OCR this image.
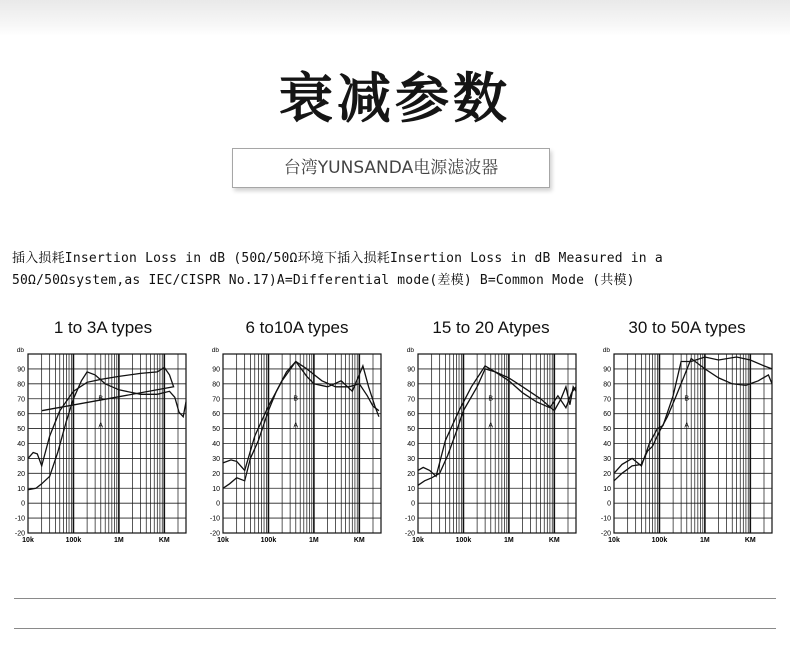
衰减参数
台湾YUNSANDA电源滤波器
插入损耗Insertion Loss in dB (50Ω/50Ω环境下插入损耗Insertion Loss in dB Measured in a
50Ω/50Ωsystem,as IEC/CISPR No.17)A=Differential mode(差模) B=Common Mode (共模)
1 to 3A types	6 to10A types	15 to 20 Atypes	30 to 50A types
db
90
80
70
60
50
40
30
20
10
0
-10
-20
10k	100k	1M	KM
A
B
db
90
80
70
60
50
40
30
20
10
0
-10
-20
10k	100k	1M	KM
A
B
db
90
80
70
60
50
40
30
20
10
0
-10
-20
10k	100k	1M	KM
A
B
db
90
80
70
60
50
40
30
20
10
0
-10
-20
10k	100k	1M	KM
A
B
